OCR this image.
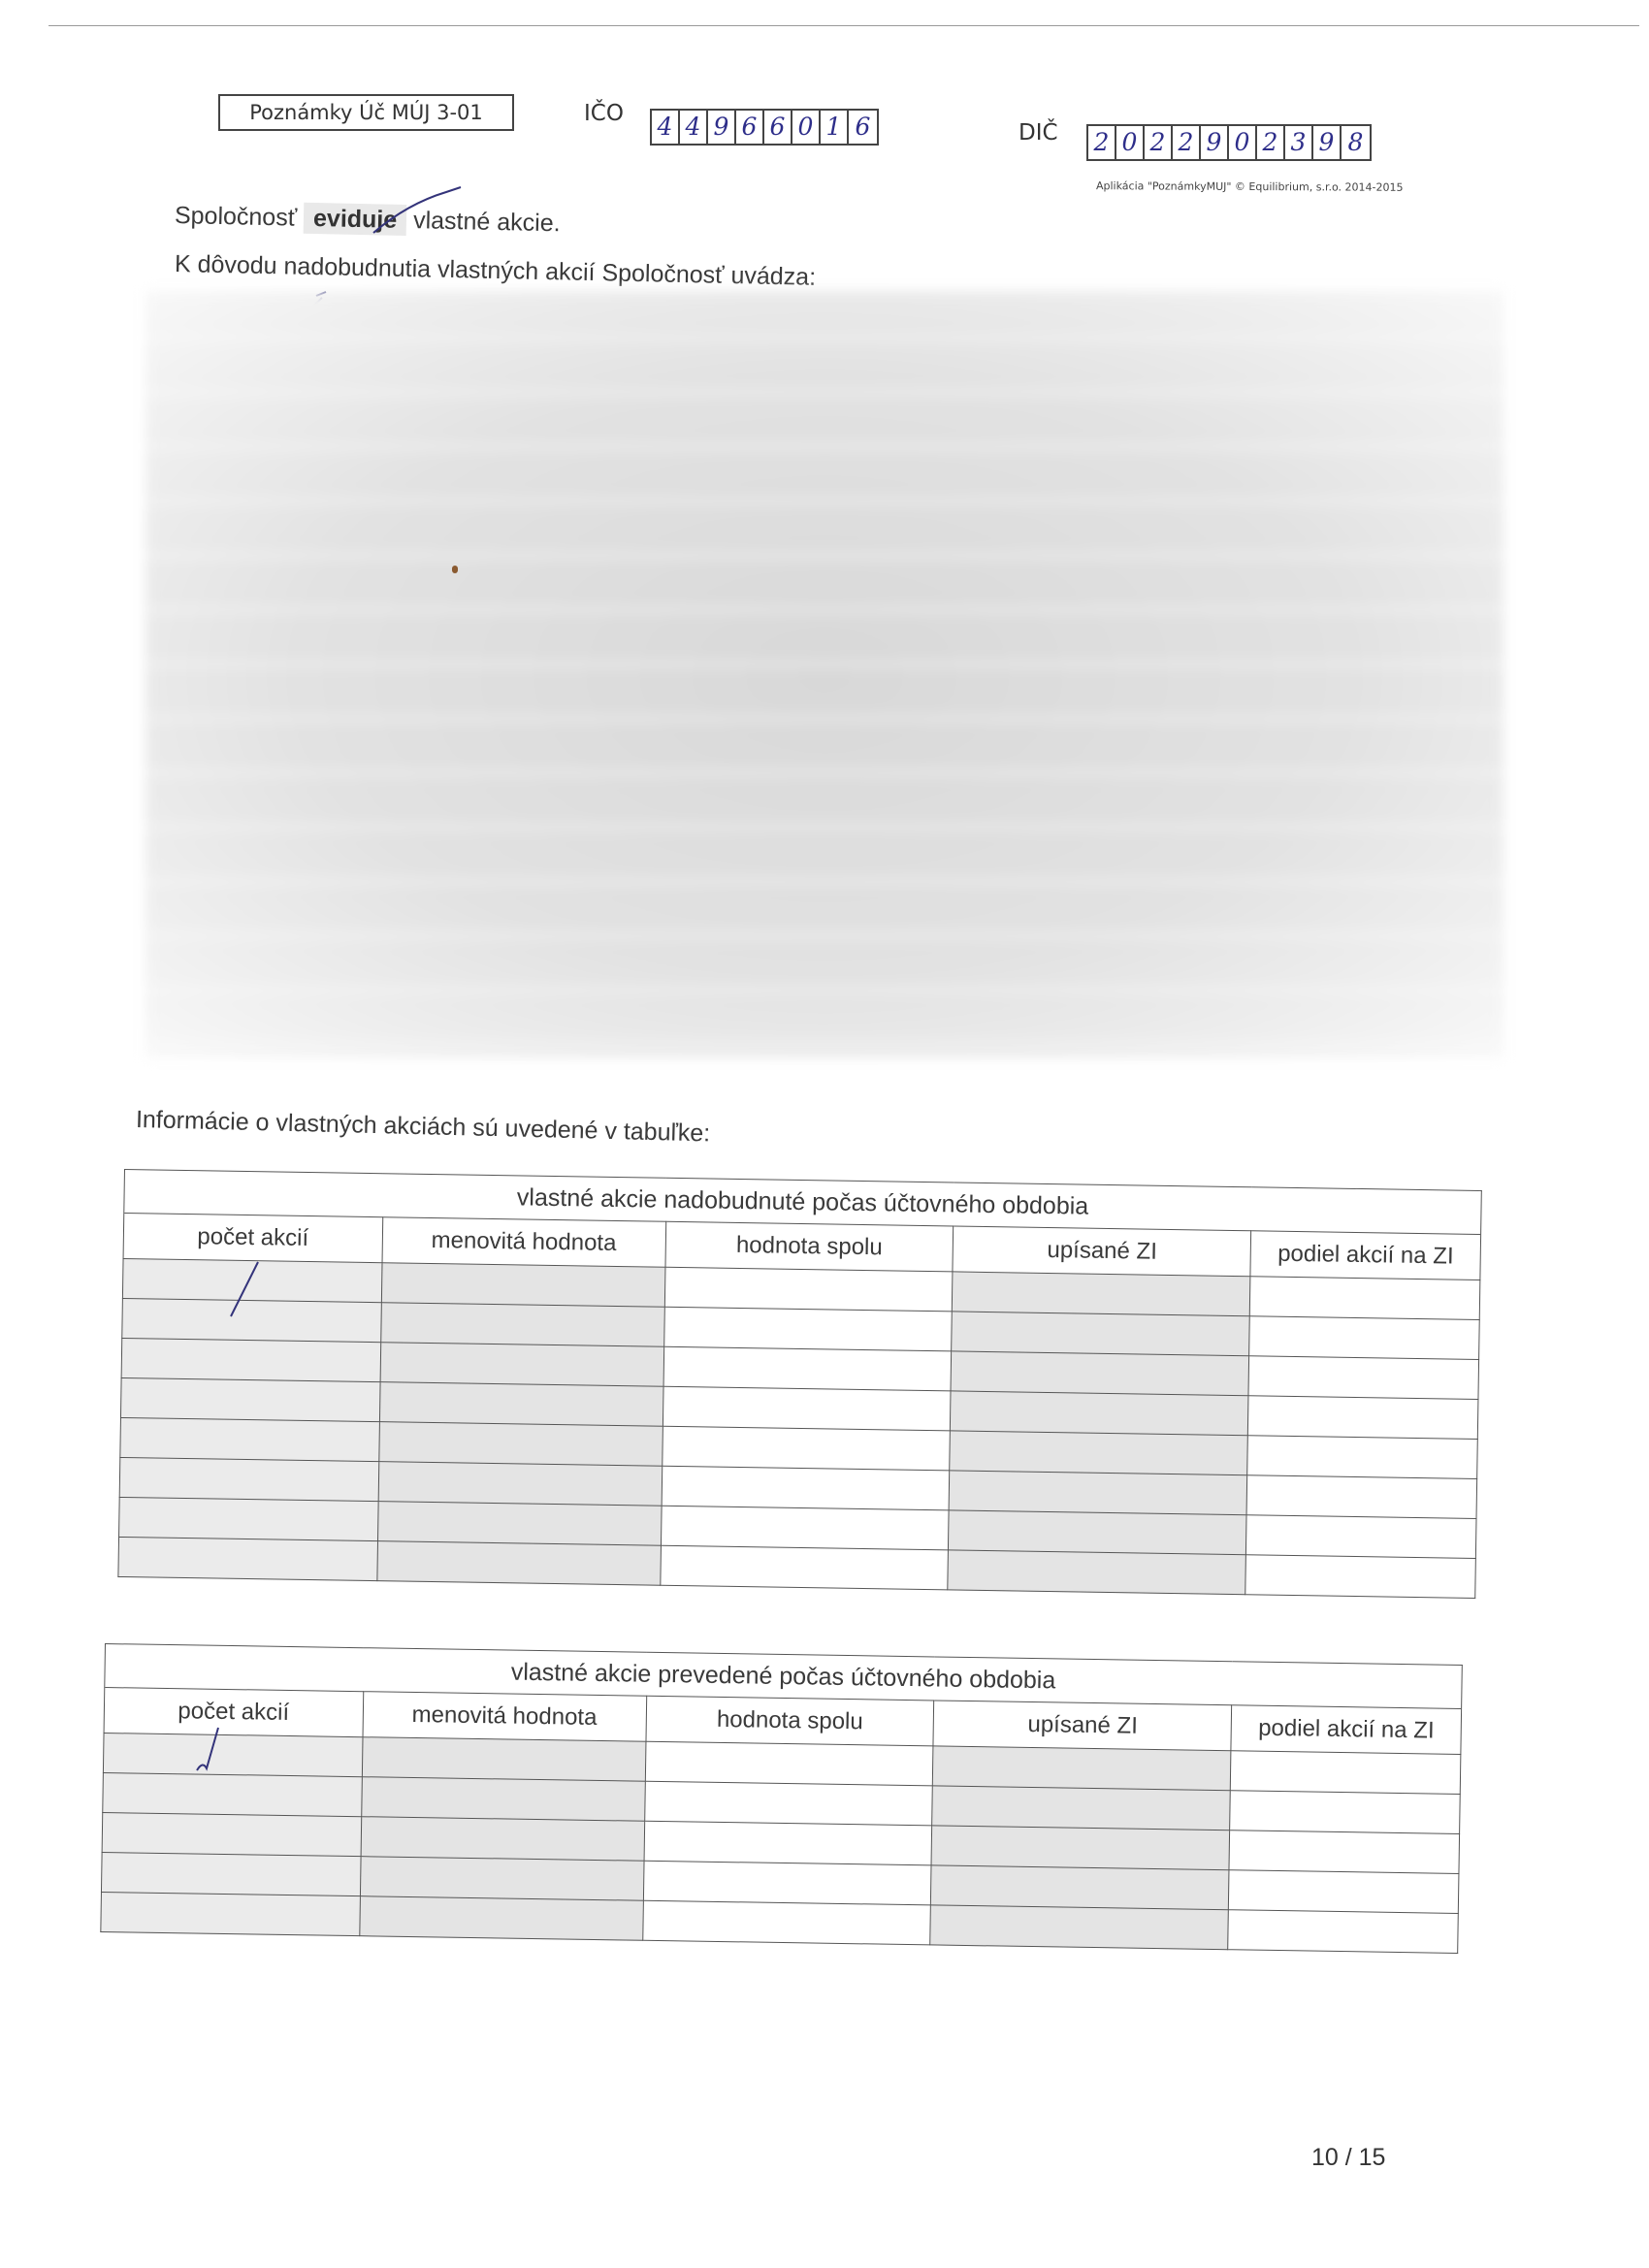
Poznámky Úč MÚJ 3-01	IČO 4 4 9 6 6 0 1 6	DIČ 2 0 2 2 9 0 2 3 9 8
Aplikácia "PoznámkyMUJ" © Equilibrium, s.r.o. 2014-2015
Spoločnosť eviduje vlastné akcie.
K dôvodu nadobudnutia vlastných akcií Spoločnosť uvádza:
Informácie o vlastných akciách sú uvedené v tabuľke:
vlastné akcie nadobudnuté počas účtovného obdobia				
počet akcií	menovitá hodnota	hodnota spolu	upísané ZI	podiel akcií na ZI

vlastné akcie prevedené počas účtovného obdobia				
počet akcií	menovitá hodnota	hodnota spolu	upísané ZI	podiel akcií na ZI

10 / 15
